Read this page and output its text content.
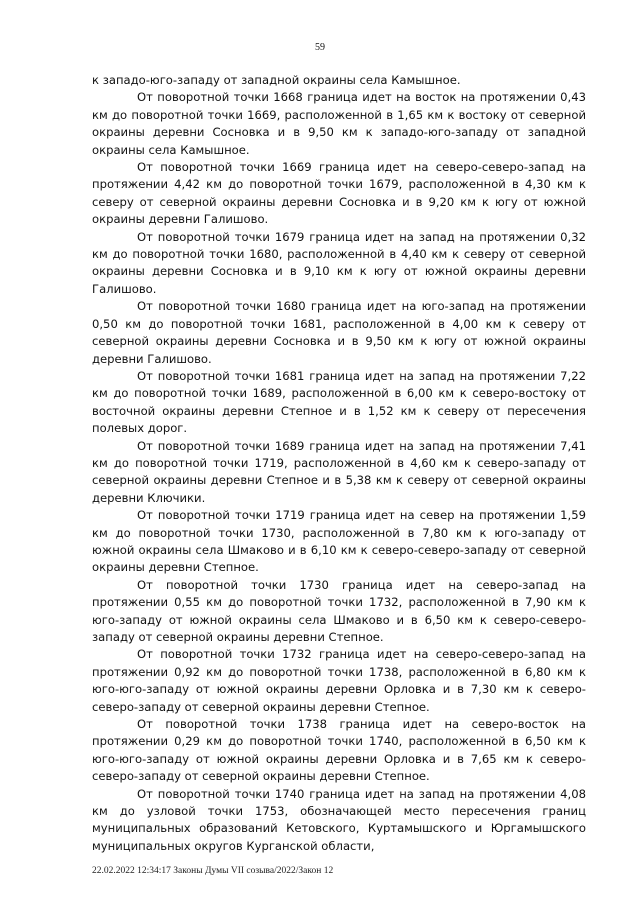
59

к западо-юго-западу от западной окраины села Камышное.

От поворотной точки 1668 граница идет на восток на протяжении 0,43 км до поворотной точки 1669, расположенной в 1,65 км к востоку от северной окраины деревни Сосновка и в 9,50 км к западо-юго-западу от западной окраины села Камышное.

От поворотной точки 1669 граница идет на северо-северо-запад на протяжении 4,42 км до поворотной точки 1679, расположенной в 4,30 км к северу от северной окраины деревни Сосновка и в 9,20 км к югу от южной окраины деревни Галишово.

От поворотной точки 1679 граница идет на запад на протяжении 0,32 км до поворотной точки 1680, расположенной в 4,40 км к северу от северной окраины деревни Сосновка и в 9,10 км к югу от южной окраины деревни Галишово.

От поворотной точки 1680 граница идет на юго-запад на протяжении 0,50 км до поворотной точки 1681, расположенной в 4,00 км к северу от северной окраины деревни Сосновка и в 9,50 км к югу от южной окраины деревни Галишово.

От поворотной точки 1681 граница идет на запад на протяжении 7,22 км до поворотной точки 1689, расположенной в 6,00 км к северо-востоку от восточной окраины деревни Степное и в 1,52 км к северу от пересечения полевых дорог.

От поворотной точки 1689 граница идет на запад на протяжении 7,41 км до поворотной точки 1719, расположенной в 4,60 км к северо-западу от северной окраины деревни Степное и в 5,38 км к северу от северной окраины деревни Ключики.

От поворотной точки 1719 граница идет на север на протяжении 1,59 км до поворотной точки 1730, расположенной в 7,80 км к юго-западу от южной окраины села Шмаково и в 6,10 км к северо-северо-западу от северной окраины деревни Степное.

От поворотной точки 1730 граница идет на северо-запад на протяжении 0,55 км до поворотной точки 1732, расположенной в 7,90 км к юго-западу от южной окраины села Шмаково и в 6,50 км к северо-северо-западу от северной окраины деревни Степное.

От поворотной точки 1732 граница идет на северо-северо-запад на протяжении 0,92 км до поворотной точки 1738, расположенной в 6,80 км к юго-юго-западу от южной окраины деревни Орловка и в 7,30 км к северо-северо-западу от северной окраины деревни Степное.

От поворотной точки 1738 граница идет на северо-восток на протяжении 0,29 км до поворотной точки 1740, расположенной в 6,50 км к юго-юго-западу от южной окраины деревни Орловка и в 7,65 км к северо-северо-западу от северной окраины деревни Степное.

От поворотной точки 1740 граница идет на запад на протяжении 4,08 км до узловой точки 1753, обозначающей место пересечения границ муниципальных образований Кетовского, Куртамышского и Юргамышского муниципальных округов Курганской области,

22.02.2022 12:34:17 Законы Думы VII созыва/2022/Закон 12
